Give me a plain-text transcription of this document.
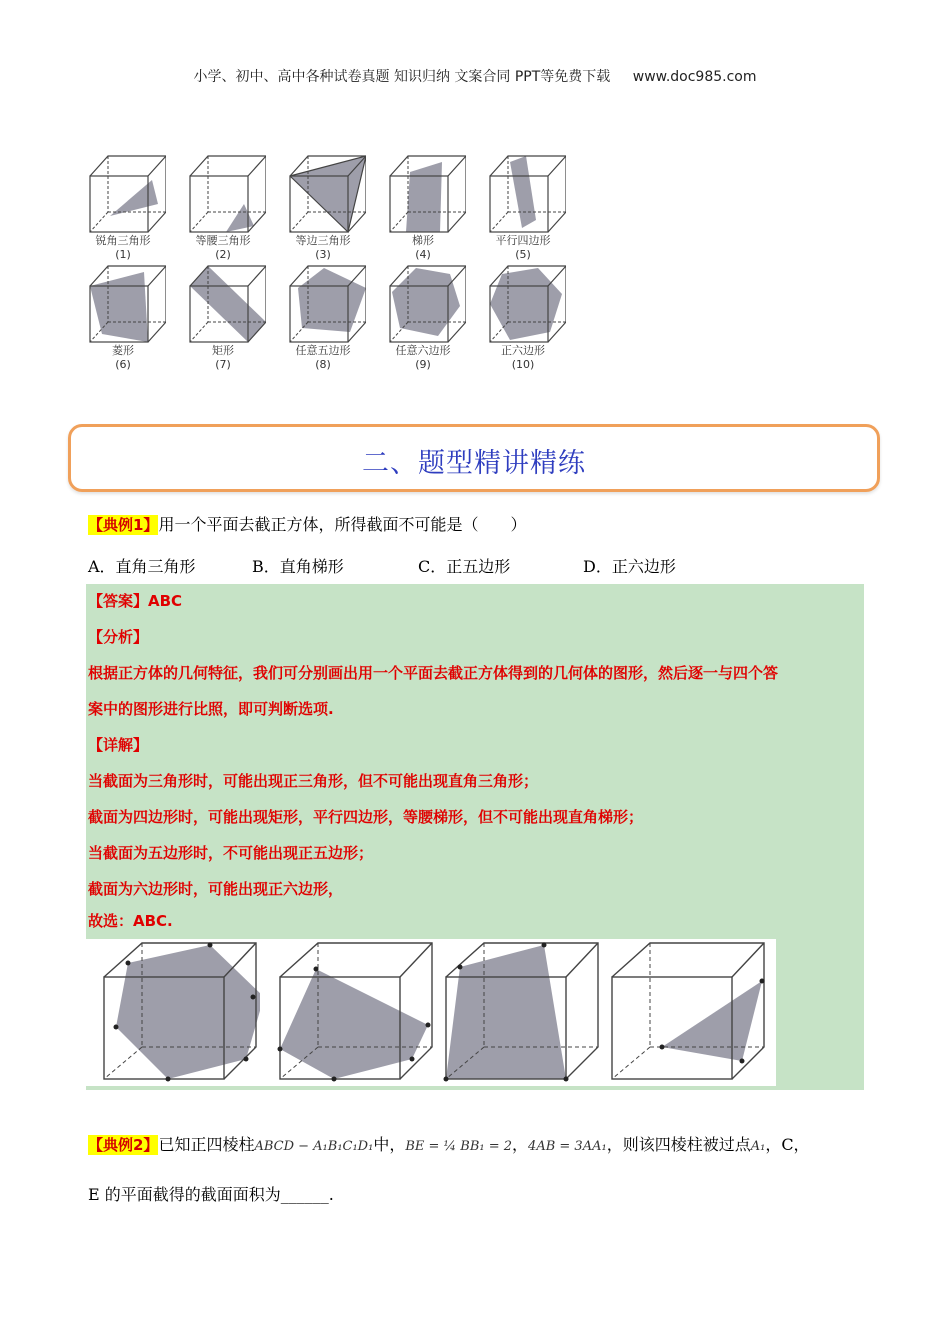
小学、初中、高中各种试卷真题 知识归纳 文案合同 PPT等免费下载 www.doc985.com
锐角三角形
(1)
等腰三角形
(2)
等边三角形
(3)
梯形
(4)
平行四边形
(5)
菱形
(6)
矩形
(7)
任意五边形
(8)
任意六边形
(9)
正六边形
(10)
二、题型精讲精练
【典例1】用一个平面去截正方体，所得截面不可能是（　　）
A．直角三角形	B．直角梯形	C．正五边形	D．正六边形
【答案】ABC
【分析】
根据正方体的几何特征，我们可分别画出用一个平面去截正方体得到的几何体的图形，然后逐一与四个答
案中的图形进行比照，即可判断选项.
【详解】
当截面为三角形时，可能出现正三角形，但不可能出现直角三角形；
截面为四边形时，可能出现矩形，平行四边形，等腰梯形，但不可能出现直角梯形；
当截面为五边形时，不可能出现正五边形；
截面为六边形时，可能出现正六边形，
故选：ABC.
【典例2】已知正四棱柱ABCD − A₁B₁C₁D₁中，BE = ¼ BB₁ = 2，4AB = 3AA₁，则该四棱柱被过点A₁，C，
E 的平面截得的截面面积为______.
